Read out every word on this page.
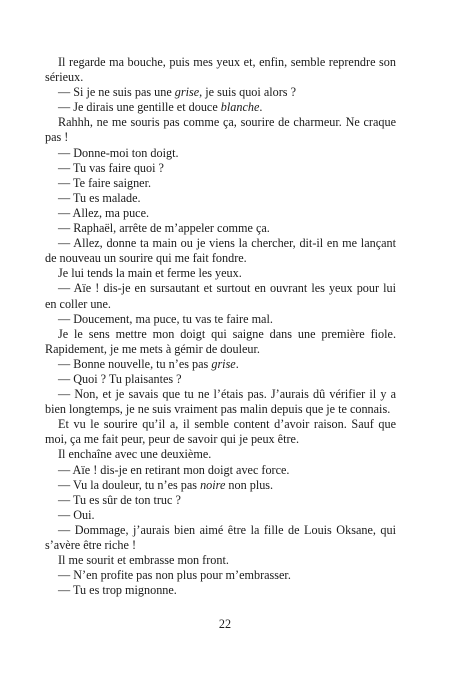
Il regarde ma bouche, puis mes yeux et, enfin, semble reprendre son sérieux.

— Si je ne suis pas une grise, je suis quoi alors ?

— Je dirais une gentille et douce blanche.

Rahhh, ne me souris pas comme ça, sourire de charmeur. Ne craque pas !

— Donne-moi ton doigt.

— Tu vas faire quoi ?

— Te faire saigner.

— Tu es malade.

— Allez, ma puce.

— Raphaël, arrête de m’appeler comme ça.

— Allez, donne ta main ou je viens la chercher, dit-il en me lançant de nouveau un sourire qui me fait fondre.

Je lui tends la main et ferme les yeux.

— Aïe ! dis-je en sursautant et surtout en ouvrant les yeux pour lui en coller une.

— Doucement, ma puce, tu vas te faire mal.

Je le sens mettre mon doigt qui saigne dans une première fiole. Rapidement, je me mets à gémir de douleur.

— Bonne nouvelle, tu n’es pas grise.

— Quoi ? Tu plaisantes ?

— Non, et je savais que tu ne l’étais pas. J’aurais dû vérifier il y a bien longtemps, je ne suis vraiment pas malin depuis que je te connais.

Et vu le sourire qu’il a, il semble content d’avoir raison. Sauf que moi, ça me fait peur, peur de savoir qui je peux être.

Il enchaîne avec une deuxième.

— Aïe ! dis-je en retirant mon doigt avec force.

— Vu la douleur, tu n’es pas noire non plus.

— Tu es sûr de ton truc ?

— Oui.

— Dommage, j’aurais bien aimé être la fille de Louis Oksane, qui s’avère être riche !

Il me sourit et embrasse mon front.

— N’en profite pas non plus pour m’embrasser.

— Tu es trop mignonne.

22
